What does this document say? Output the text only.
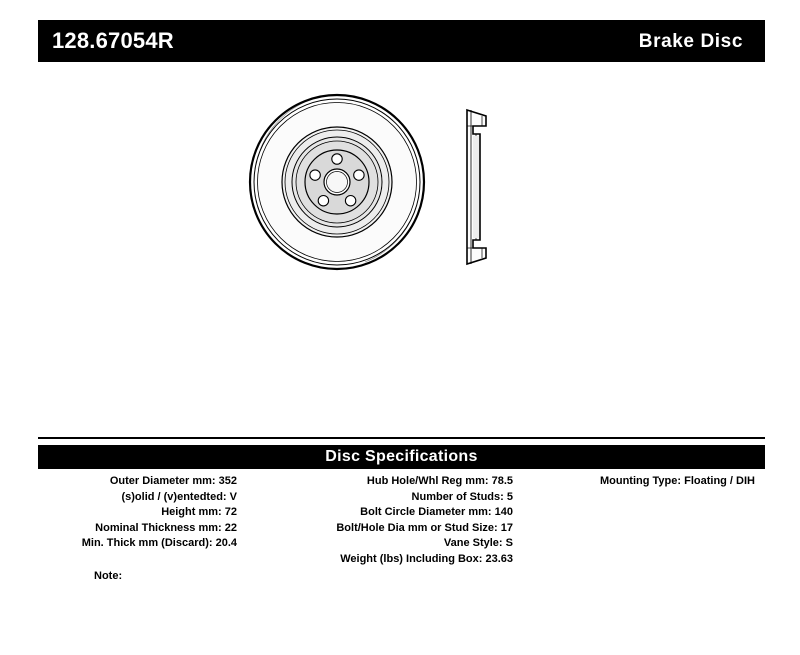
128.67054R	Brake Disc
Disc Specifications
Outer Diameter mm: 352
(s)olid / (v)entedted: V
Height mm: 72
Nominal Thickness mm: 22
Min. Thick mm (Discard): 20.4
Hub Hole/Whl Reg mm: 78.5
Number of Studs: 5
Bolt Circle Diameter mm: 140
Bolt/Hole Dia mm or Stud Size: 17
Vane Style: S
Weight (lbs) Including Box: 23.63
Mounting Type: Floating / DIH
Note:
